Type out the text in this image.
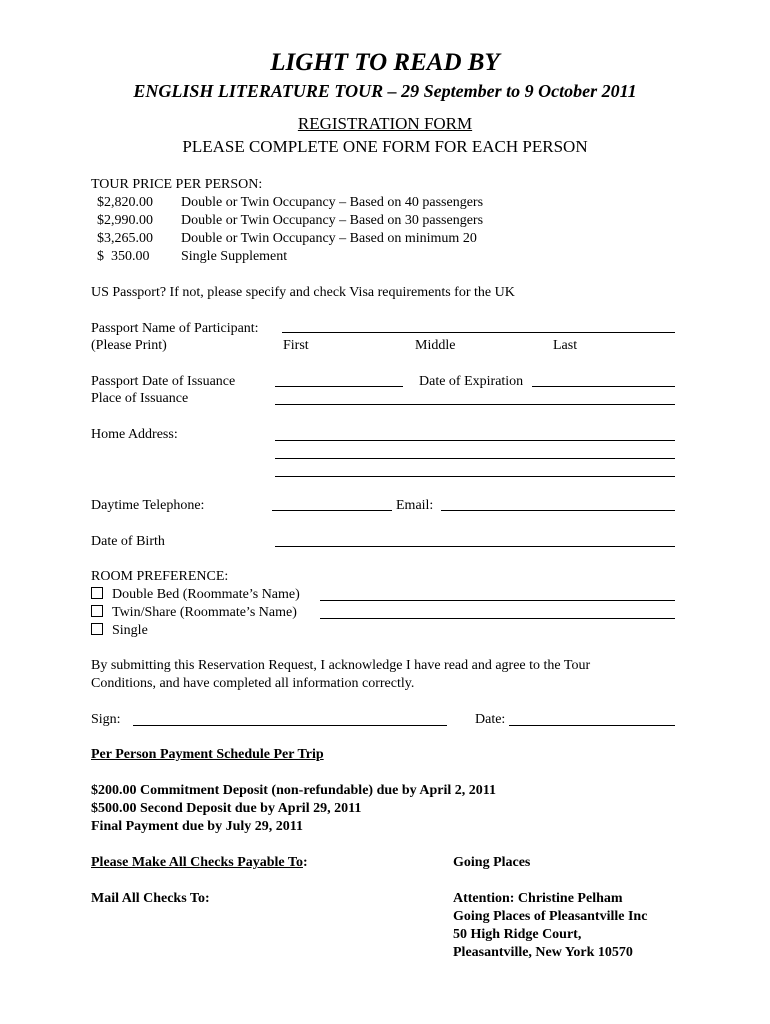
LIGHT TO READ BY
ENGLISH LITERATURE TOUR – 29 September to 9 October 2011
REGISTRATION FORM
PLEASE COMPLETE ONE FORM FOR EACH PERSON
TOUR PRICE PER PERSON:
$2,820.00 Double or Twin Occupancy – Based on 40 passengers
$2,990.00 Double or Twin Occupancy – Based on 30 passengers
$3,265.00 Double or Twin Occupancy – Based on minimum 20
$  350.00 Single Supplement
US Passport? If not, please specify and check Visa requirements for the UK
Passport Name of Participant:
(Please Print)	First	Middle	Last
Passport Date of Issuance	Date of Expiration
Place of Issuance
Home Address:
Daytime Telephone:	Email:
Date of Birth
ROOM PREFERENCE:
Double Bed (Roommate’s Name)
Twin/Share (Roommate’s Name)
Single
By submitting this Reservation Request, I acknowledge I have read and agree to the Tour
Conditions, and have completed all information correctly.
Sign:	Date:
Per Person Payment Schedule Per Trip
$200.00 Commitment Deposit (non-refundable) due by April 2, 2011
$500.00 Second Deposit due by April 29, 2011
Final Payment due by July 29, 2011
Please Make All Checks Payable To:	Going Places
Mail All Checks To:	Attention: Christine Pelham
Going Places of Pleasantville Inc
50 High Ridge Court,
Pleasantville, New York 10570
